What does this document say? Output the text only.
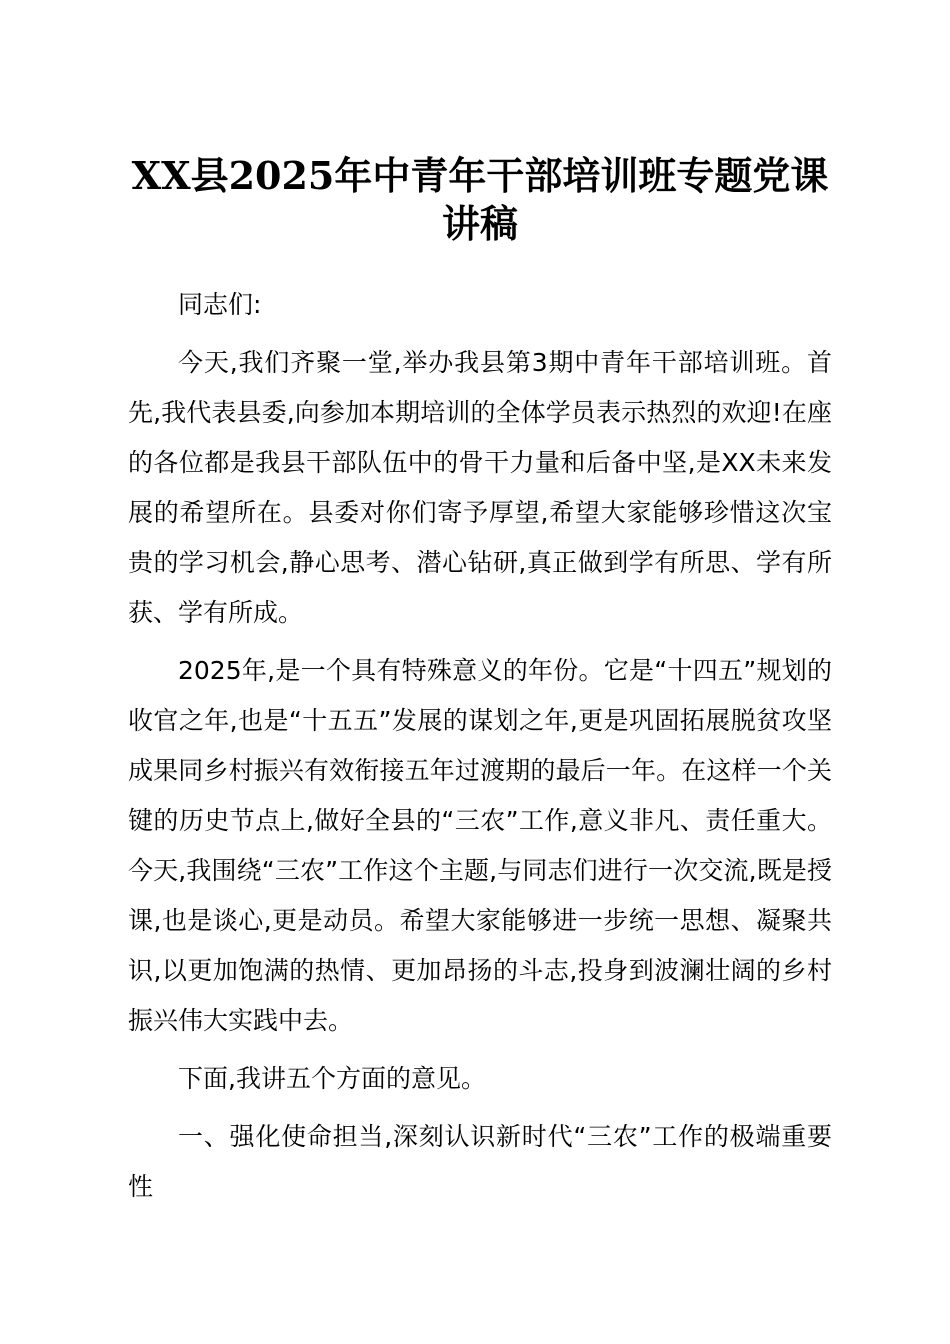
XX县2025年中青年干部培训班专题党课讲稿

同志们:

今天,我们齐聚一堂,举办我县第3期中青年干部培训班。首先,我代表县委,向参加本期培训的全体学员表示热烈的欢迎!在座的各位都是我县干部队伍中的骨干力量和后备中坚,是XX未来发展的希望所在。县委对你们寄予厚望,希望大家能够珍惜这次宝贵的学习机会,静心思考、潜心钻研,真正做到学有所思、学有所获、学有所成。

2025年,是一个具有特殊意义的年份。它是“十四五”规划的收官之年,也是“十五五”发展的谋划之年,更是巩固拓展脱贫攻坚成果同乡村振兴有效衔接五年过渡期的最后一年。在这样一个关键的历史节点上,做好全县的“三农”工作,意义非凡、责任重大。今天,我围绕“三农”工作这个主题,与同志们进行一次交流,既是授课,也是谈心,更是动员。希望大家能够进一步统一思想、凝聚共识,以更加饱满的热情、更加昂扬的斗志,投身到波澜壮阔的乡村振兴伟大实践中去。

下面,我讲五个方面的意见。

一、强化使命担当,深刻认识新时代“三农”工作的极端重要性
